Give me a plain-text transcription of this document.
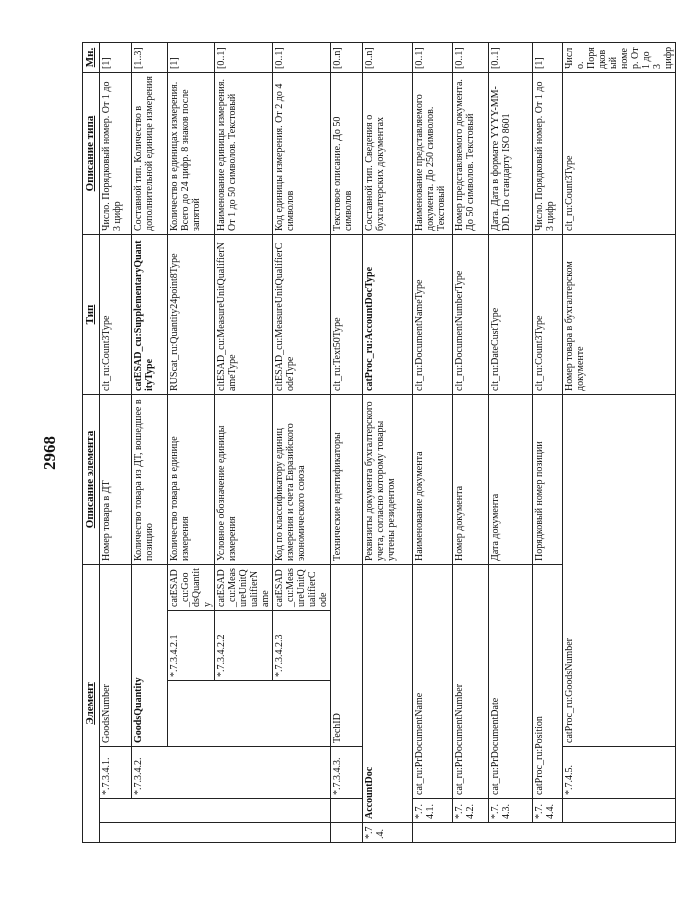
2968
Элемент						Описание элемента	Тип	Описание типа	Мн.	
		*.7.3.4.1.	GoodsNumber			Номер товара в ДТ	clt_ru:Count3Type	Число. Порядковый номер. От 1 до 3 цифр	[1]	
		*.7.3.4.2.	GoodsQuantity			Количество товара из ДТ, вошедшее в позицию	catESAD_cu:SupplementaryQuantityType	Составной тип. Количество в дополнительной единице измерения	[1..3]	
				*.7.3.4.2.1	catESAD_cu:GoodsQuantity	Количество товара в единице измерения	RUScat_ru:Quantity24point8Type	Количество в единицах измерения. Всего до 24 цифр. 8 знаков после запятой	[1]	
				*.7.3.4.2.2	catESAD_cu:MeasureUnitQualifierName	Условное обозначение единицы измерения	cltESAD_cu:MeasureUnitQualifierNameType	Наименование единицы измерения. От 1 до 50 символов. Текстовый	[0..1]	
				*.7.3.4.2.3	catESAD_cu:MeasureUnitQualifierCode	Код по классификатору единиц измерения и счета Евразийского экономического союза	cltESAD_cu:MeasureUnitQualifierCodeType	Код единицы измерения. От 2 до 4 символов	[0..1]	
		*.7.3.4.3.	TechID			Технические идентификаторы	clt_ru:Text50Type	Текстовое описание. До 50 символов	[0..n]	
*.7.4.	AccountDoc					Реквизиты документа бухгалтерского учета, согласно которому товары учтены резидентом	catProc_ru:AccountDocType	Составной тип. Сведения о бухгалтерских документах	[0..n]	
	*.7.4.1.	cat_ru:PrDocumentName				Наименование документа	clt_ru:DocumentNameType	Наименование представляемого документа. До 250 символов. Текстовый	[0..1]	
	*.7.4.2.	cat_ru:PrDocumentNumber				Номер документа	clt_ru:DocumentNumberType	Номер представляемого документа. До 50 символов. Текстовый	[0..1]	
	*.7.4.3.	cat_ru:PrDocumentDate				Дата документа	clt_ru:DateCustType	Дата. Дата в формате YYYY-MM-DD. По стандарту ISO 8601	[0..1]	
	*.7.4.4.	catProc_ru:Position				Порядковый номер позиции	clt_ru:Count3Type	Число. Порядковый номер. От 1 до 3 цифр	[1]	
		*.7.4.5.	catProc_ru:GoodsNumber				Номер товара в бухгалтерском документе	clt_ru:Count3Type	Число. Порядковый номер. От 1 до 3 цифр	
